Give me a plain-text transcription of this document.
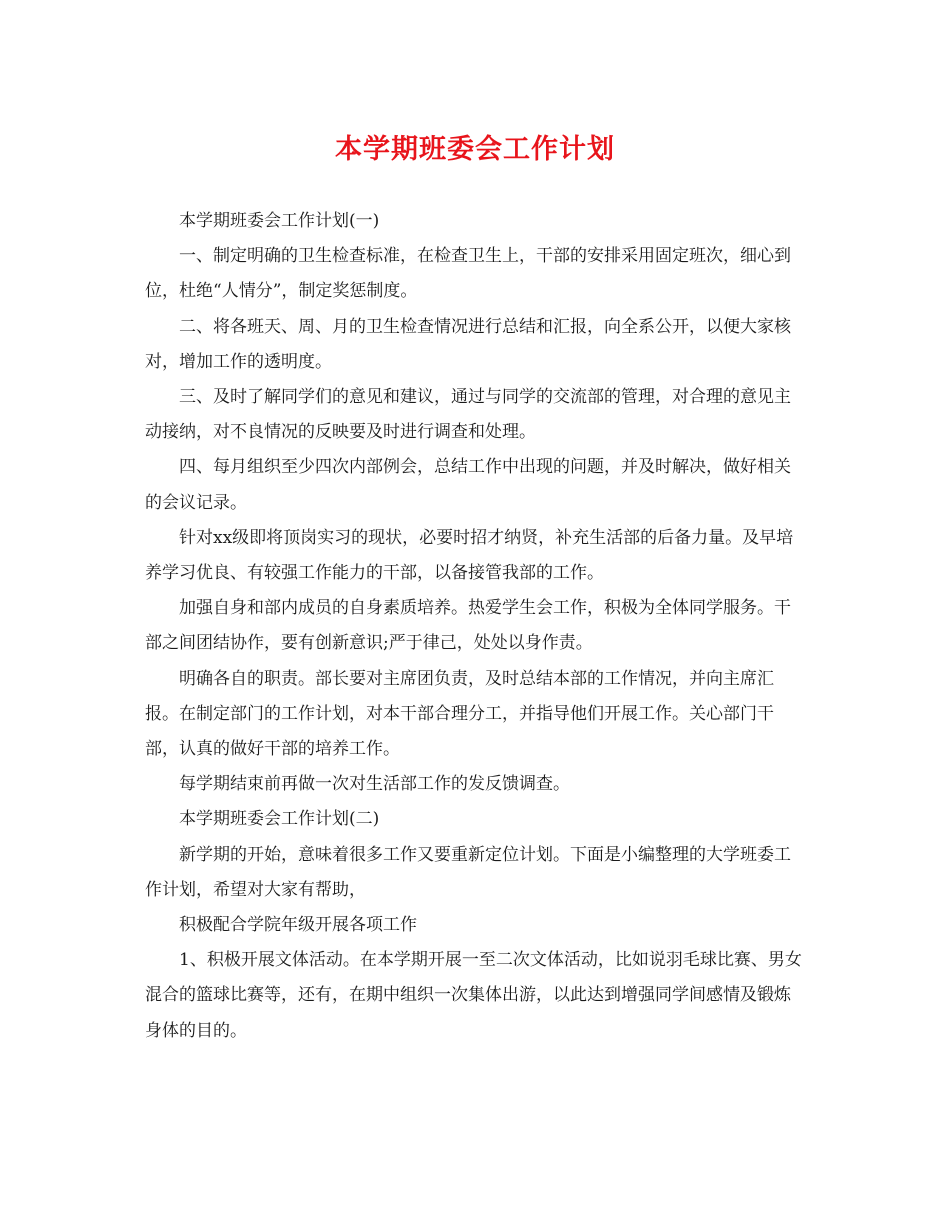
本学期班委会工作计划

本学期班委会工作计划(一)

一、制定明确的卫生检查标准，在检查卫生上，干部的安排采用固定班次，细心到位，杜绝“人情分”，制定奖惩制度。

二、将各班天、周、月的卫生检查情况进行总结和汇报，向全系公开，以便大家核对，增加工作的透明度。

三、及时了解同学们的意见和建议，通过与同学的交流部的管理，对合理的意见主动接纳，对不良情况的反映要及时进行调查和处理。

四、每月组织至少四次内部例会，总结工作中出现的问题，并及时解决，做好相关的会议记录。

针对xx级即将顶岗实习的现状，必要时招才纳贤，补充生活部的后备力量。及早培养学习优良、有较强工作能力的干部，以备接管我部的工作。

加强自身和部内成员的自身素质培养。热爱学生会工作，积极为全体同学服务。干部之间团结协作，要有创新意识;严于律己，处处以身作责。

明确各自的职责。部长要对主席团负责，及时总结本部的工作情况，并向主席汇报。在制定部门的工作计划，对本干部合理分工，并指导他们开展工作。关心部门干部，认真的做好干部的培养工作。

每学期结束前再做一次对生活部工作的发反馈调查。

本学期班委会工作计划(二)

新学期的开始，意味着很多工作又要重新定位计划。下面是小编整理的大学班委工作计划，希望对大家有帮助，

积极配合学院年级开展各项工作

1、积极开展文体活动。在本学期开展一至二次文体活动，比如说羽毛球比赛、男女混合的篮球比赛等，还有，在期中组织一次集体出游，以此达到增强同学间感情及锻炼身体的目的。
